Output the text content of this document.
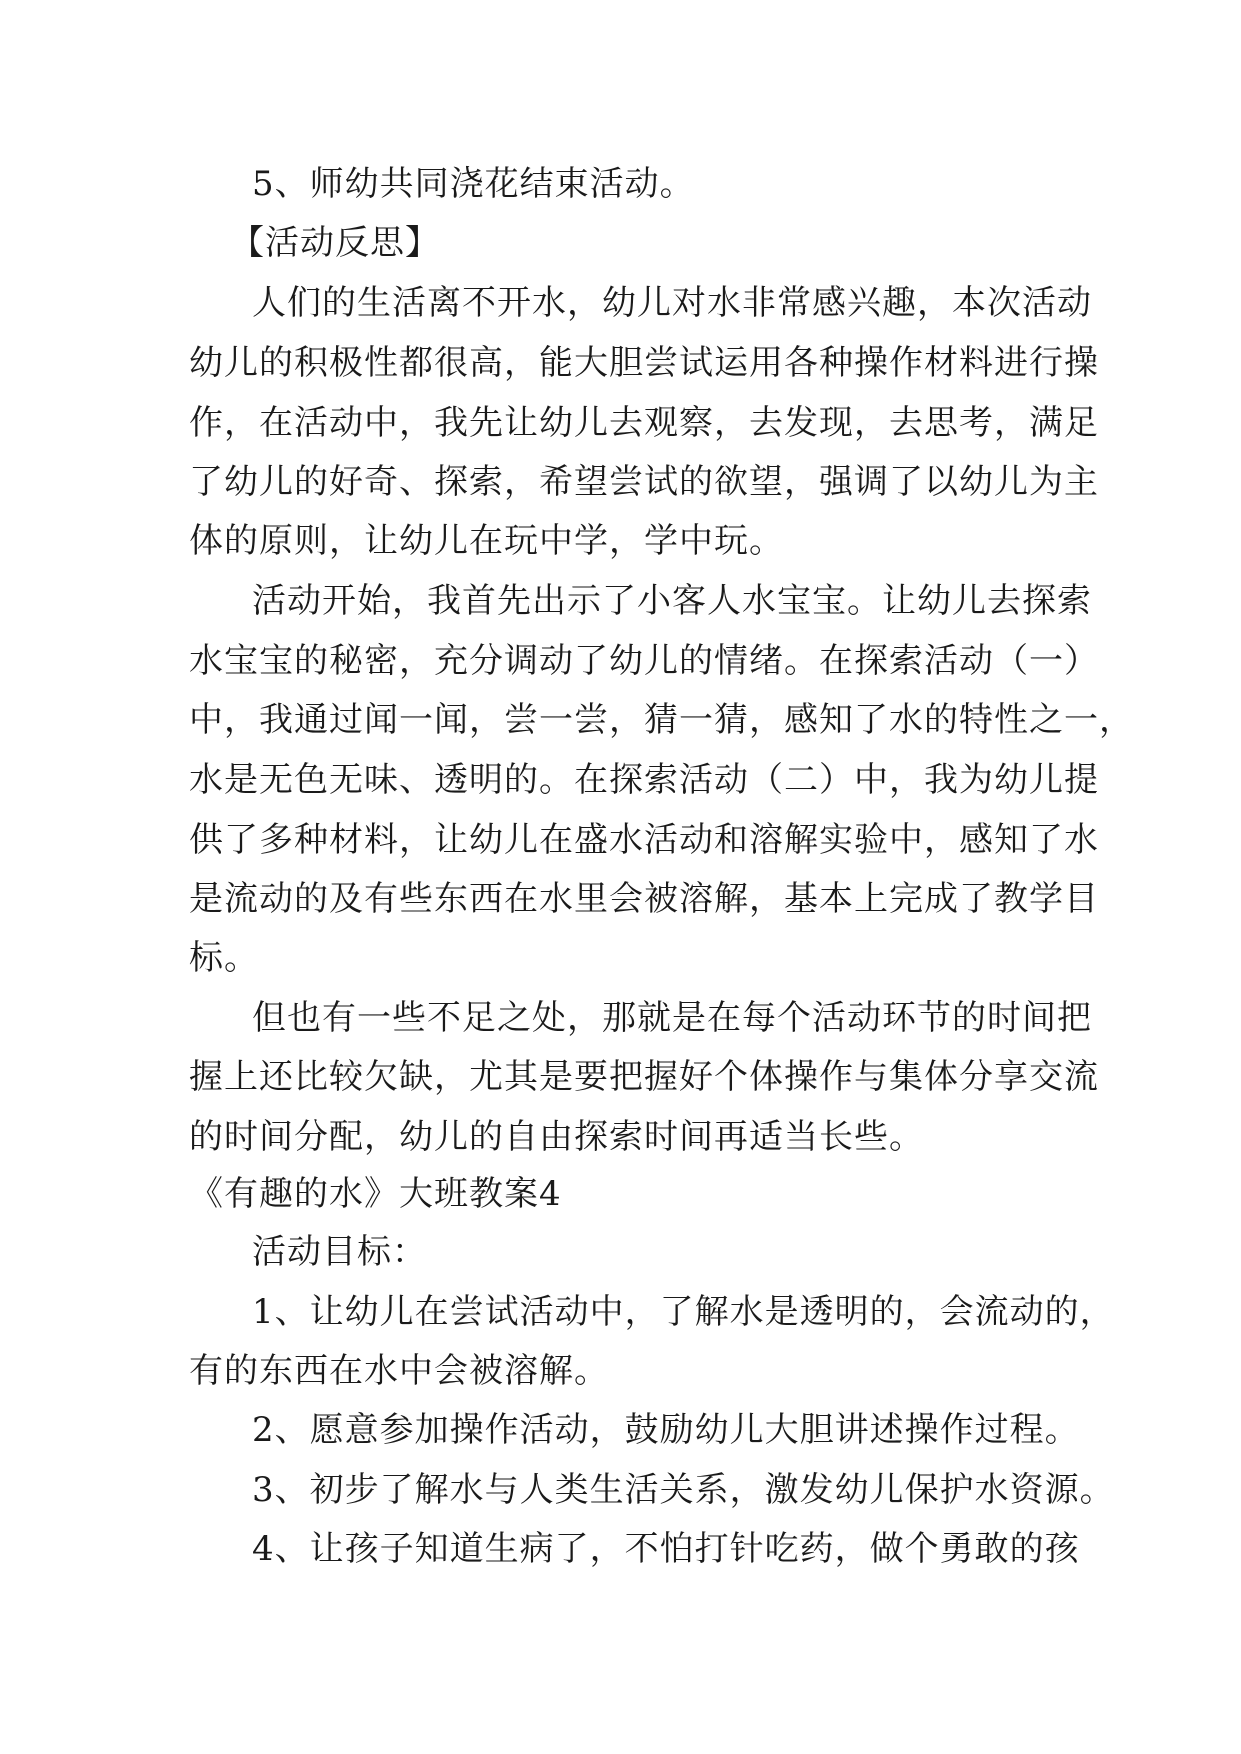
5、师幼共同浇花结束活动。
【活动反思】
人们的生活离不开水，幼儿对水非常感兴趣，本次活动
幼儿的积极性都很高，能大胆尝试运用各种操作材料进行操
作，在活动中，我先让幼儿去观察，去发现，去思考，满足
了幼儿的好奇、探索，希望尝试的欲望，强调了以幼儿为主
体的原则，让幼儿在玩中学，学中玩。
活动开始，我首先出示了小客人水宝宝。让幼儿去探索
水宝宝的秘密，充分调动了幼儿的情绪。在探索活动（一）
中，我通过闻一闻，尝一尝，猜一猜，感知了水的特性之一，
水是无色无味、透明的。在探索活动（二）中，我为幼儿提
供了多种材料，让幼儿在盛水活动和溶解实验中，感知了水
是流动的及有些东西在水里会被溶解，基本上完成了教学目
标。
但也有一些不足之处，那就是在每个活动环节的时间把
握上还比较欠缺，尤其是要把握好个体操作与集体分享交流
的时间分配，幼儿的自由探索时间再适当长些。
《有趣的水》大班教案4
活动目标：
1、让幼儿在尝试活动中，了解水是透明的，会流动的，
有的东西在水中会被溶解。
2、愿意参加操作活动，鼓励幼儿大胆讲述操作过程。
3、初步了解水与人类生活关系，激发幼儿保护水资源。
4、让孩子知道生病了，不怕打针吃药，做个勇敢的孩
